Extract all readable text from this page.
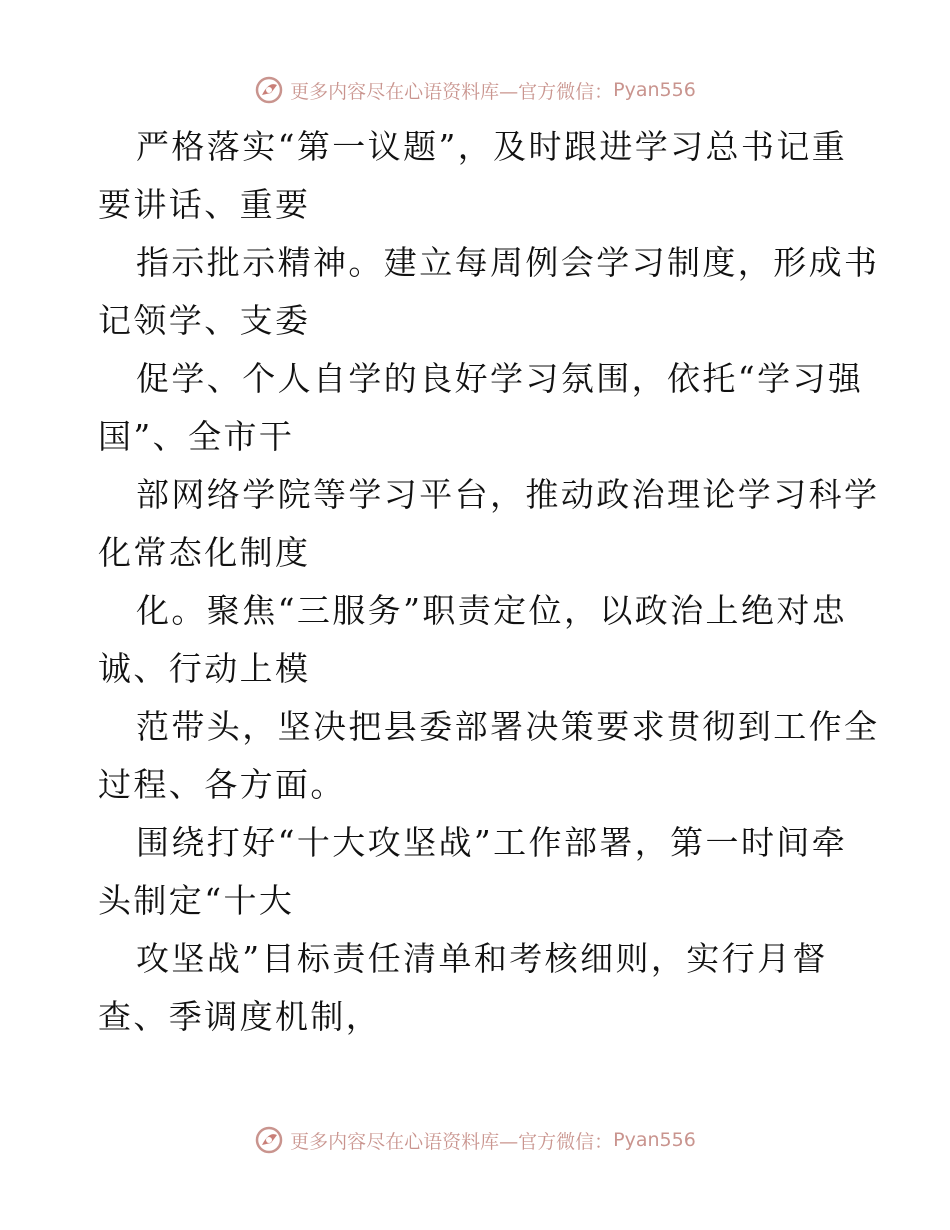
更多内容尽在心语资料库—官方微信： Pyan556
严格落实“第一议题”，及时跟进学习总书记重
要讲话、重要
指示批示精神。建立每周例会学习制度，形成书
记领学、支委
促学、个人自学的良好学习氛围，依托“学习强
国”、全市干
部网络学院等学习平台，推动政治理论学习科学
化常态化制度
化。聚焦“三服务”职责定位，以政治上绝对忠
诚、行动上模
范带头，坚决把县委部署决策要求贯彻到工作全
过程、各方面。
围绕打好“十大攻坚战”工作部署，第一时间牵
头制定“十大
攻坚战”目标责任清单和考核细则，实行月督
查、季调度机制，
更多内容尽在心语资料库—官方微信： Pyan556
